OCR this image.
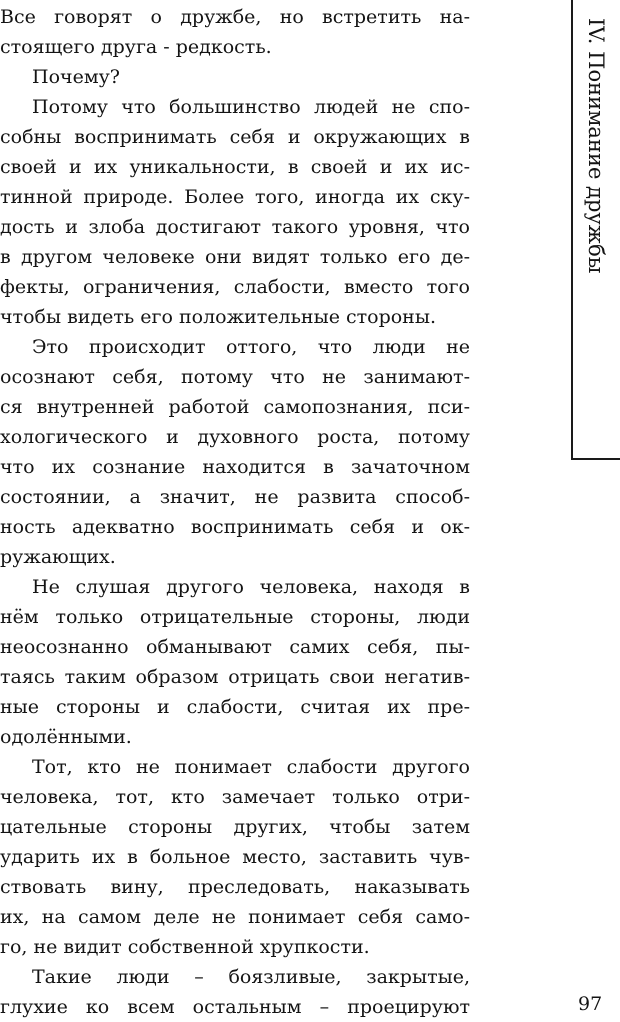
Все говорят о дружбе, но встретить на-
стоящего друга - редкость.
Почему?
Потому что большинство людей не спо-
собны воспринимать себя и окружающих в
своей и их уникальности, в своей и их ис-
тинной природе. Более того, иногда их ску-
дость и злоба достигают такого уровня, что
в другом человеке они видят только его де-
фекты, ограничения, слабости, вместо того
чтобы видеть его положительные стороны.
Это происходит оттого, что люди не
осознают себя, потому что не занимают-
ся внутренней работой самопознания, пси-
хологического и духовного роста, потому
что их сознание находится в зачаточном
состоянии, а значит, не развита способ-
ность адекватно воспринимать себя и ок-
ружающих.
Не слушая другого человека, находя в
нём только отрицательные стороны, люди
неосознанно обманывают самих себя, пы-
таясь таким образом отрицать свои негатив-
ные стороны и слабости, считая их пре-
одолёнными.
Тот, кто не понимает слабости другого
человека, тот, кто замечает только отри-
цательные стороны других, чтобы затем
ударить их в больное место, заставить чув-
ствовать вину, преследовать, наказывать
их, на самом деле не понимает себя само-
го, не видит собственной хрупкости.
Такие люди – боязливые, закрытые,
глухие ко всем остальным – проецируют
IV. Понимание дружбы
97
